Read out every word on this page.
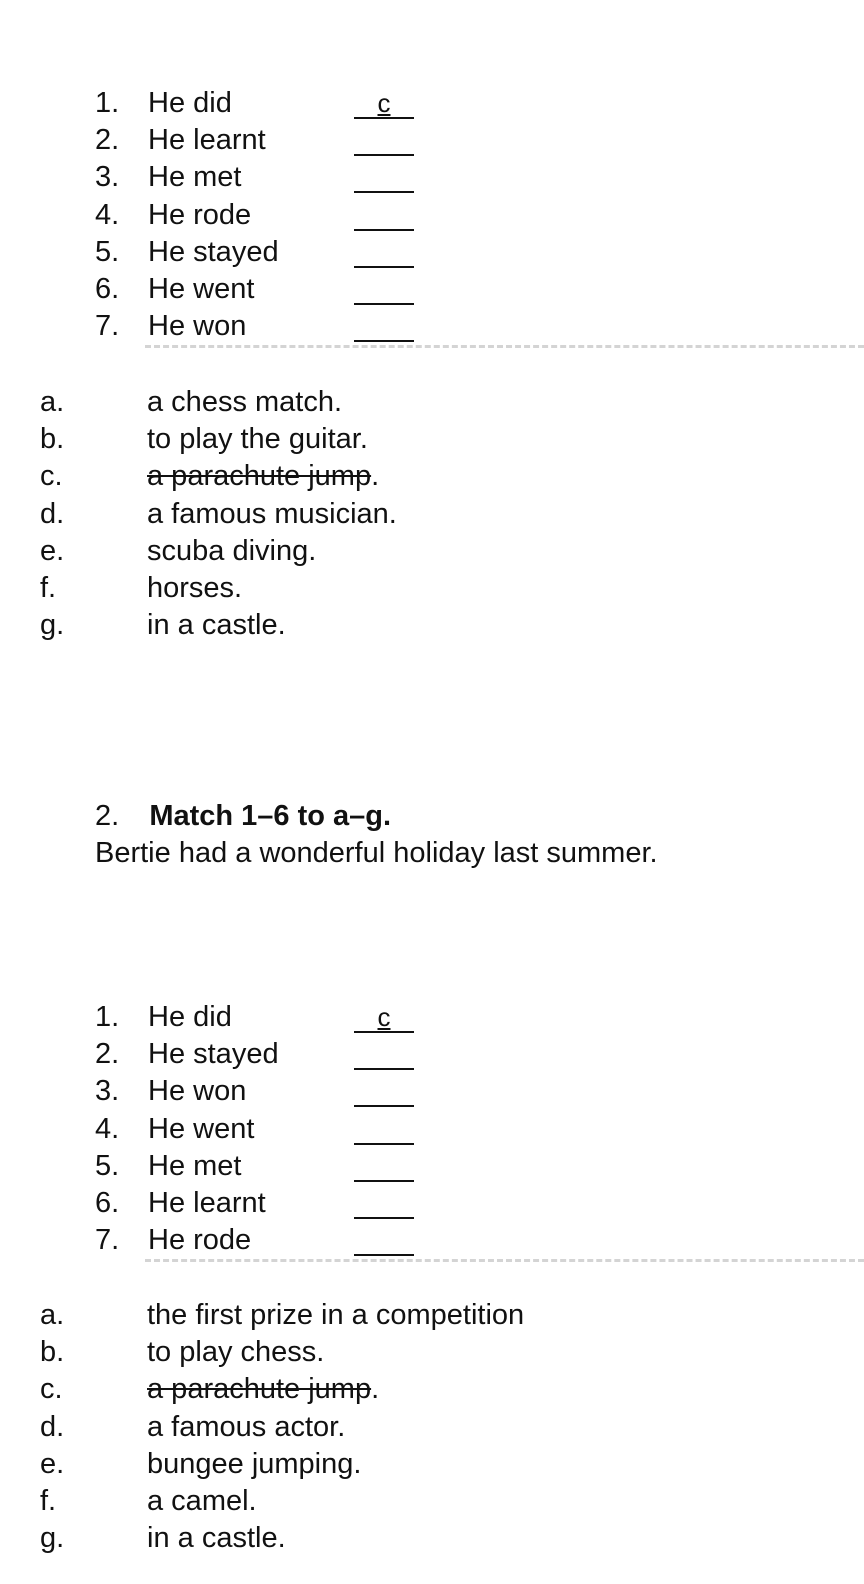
1. He did	c
2. He learnt
3. He met
4. He rode
5. He stayed
6. He went
7. He won
a.	a chess match.
b.	to play the guitar.
c.	a parachute jump.
d.	a famous musician.
e.	scuba diving.
f.	horses.
g.	in a castle.
2. Match 1–6 to a–g.
Bertie had a wonderful holiday last summer.
1. He did	c
2. He stayed
3. He won
4. He went
5. He met
6. He learnt
7. He rode
a.	the first prize in a competition
b.	to play chess.
c.	a parachute jump.
d.	a famous actor.
e.	bungee jumping.
f.	a camel.
g.	in a castle.
